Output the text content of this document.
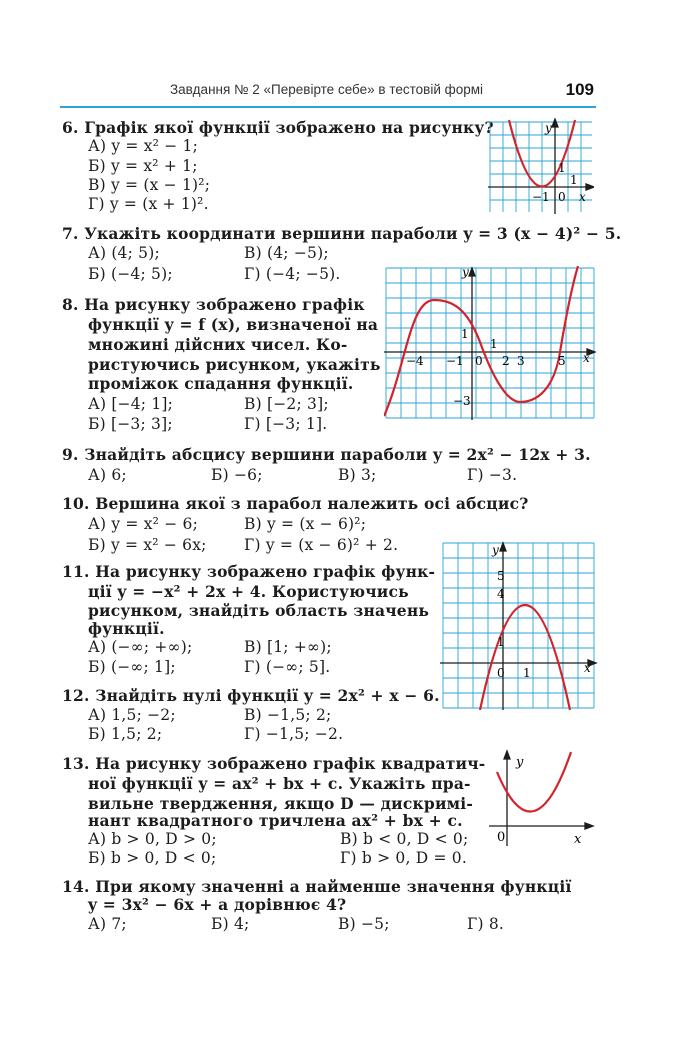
Завдання № 2 «Перевірте себе» в тестовій формі	109
6. Графік якої функції зображено на рисунку?
А) y = x² − 1;
Б) y = x² + 1;
В) y = (x − 1)²;
Г) y = (x + 1)².
y
1
1
0
−1 x
7. Укажіть координати вершини параболи y = 3 (x − 4)² − 5.
А) (4; 5);	В) (4; −5);
Б) (−4; 5);	Г) (−4; −5).
8. На рисунку зображено графік
функції y = f (x), визначеної на
множині дійсних чисел. Ко-
ристуючись рисунком, укажіть
проміжок спадання функції.
А) [−4; 1];	В) [−2; 3];
Б) [−3; 3];	Г) [−3; 1].
y
x
−4 −1 0 2 3	5
1
1
−3
9. Знайдіть абсцису вершини параболи y = 2x² − 12x + 3.
А) 6;	Б) −6;	В) 3;	Г) −3.
10. Вершина якої з парабол належить осі абсцис?
А) y = x² − 6;	В) y = (x − 6)²;
Б) y = x² − 6x; Г) y = (x − 6)² + 2.
11. На рисунку зображено графік функ-
ції y = −x² + 2x + 4. Користуючись
рисунком, знайдіть область значень
функції.
А) (−∞; +∞);	В) [1; +∞);
Б) (−∞; 1];	Г) (−∞; 5].
y
x
5
4
1
0 1
12. Знайдіть нулі функції y = 2x² + x − 6.
А) 1,5; −2;	В) −1,5; 2;
Б) 1,5; 2;	Г) −1,5; −2.
13. На рисунку зображено графік квадратич-
ної функції y = ax² + bx + c. Укажіть пра-
вильне твердження, якщо D — дискримі-
нант квадратного тричлена ax² + bx + c.
А) b > 0, D > 0;	В) b < 0, D < 0;
Б) b > 0, D < 0;	Г) b > 0, D = 0.
y
0	x
14. При якому значенні a найменше значення функції
y = 3x² − 6x + a дорівнює 4?
А) 7;	Б) 4;	В) −5;	Г) 8.
